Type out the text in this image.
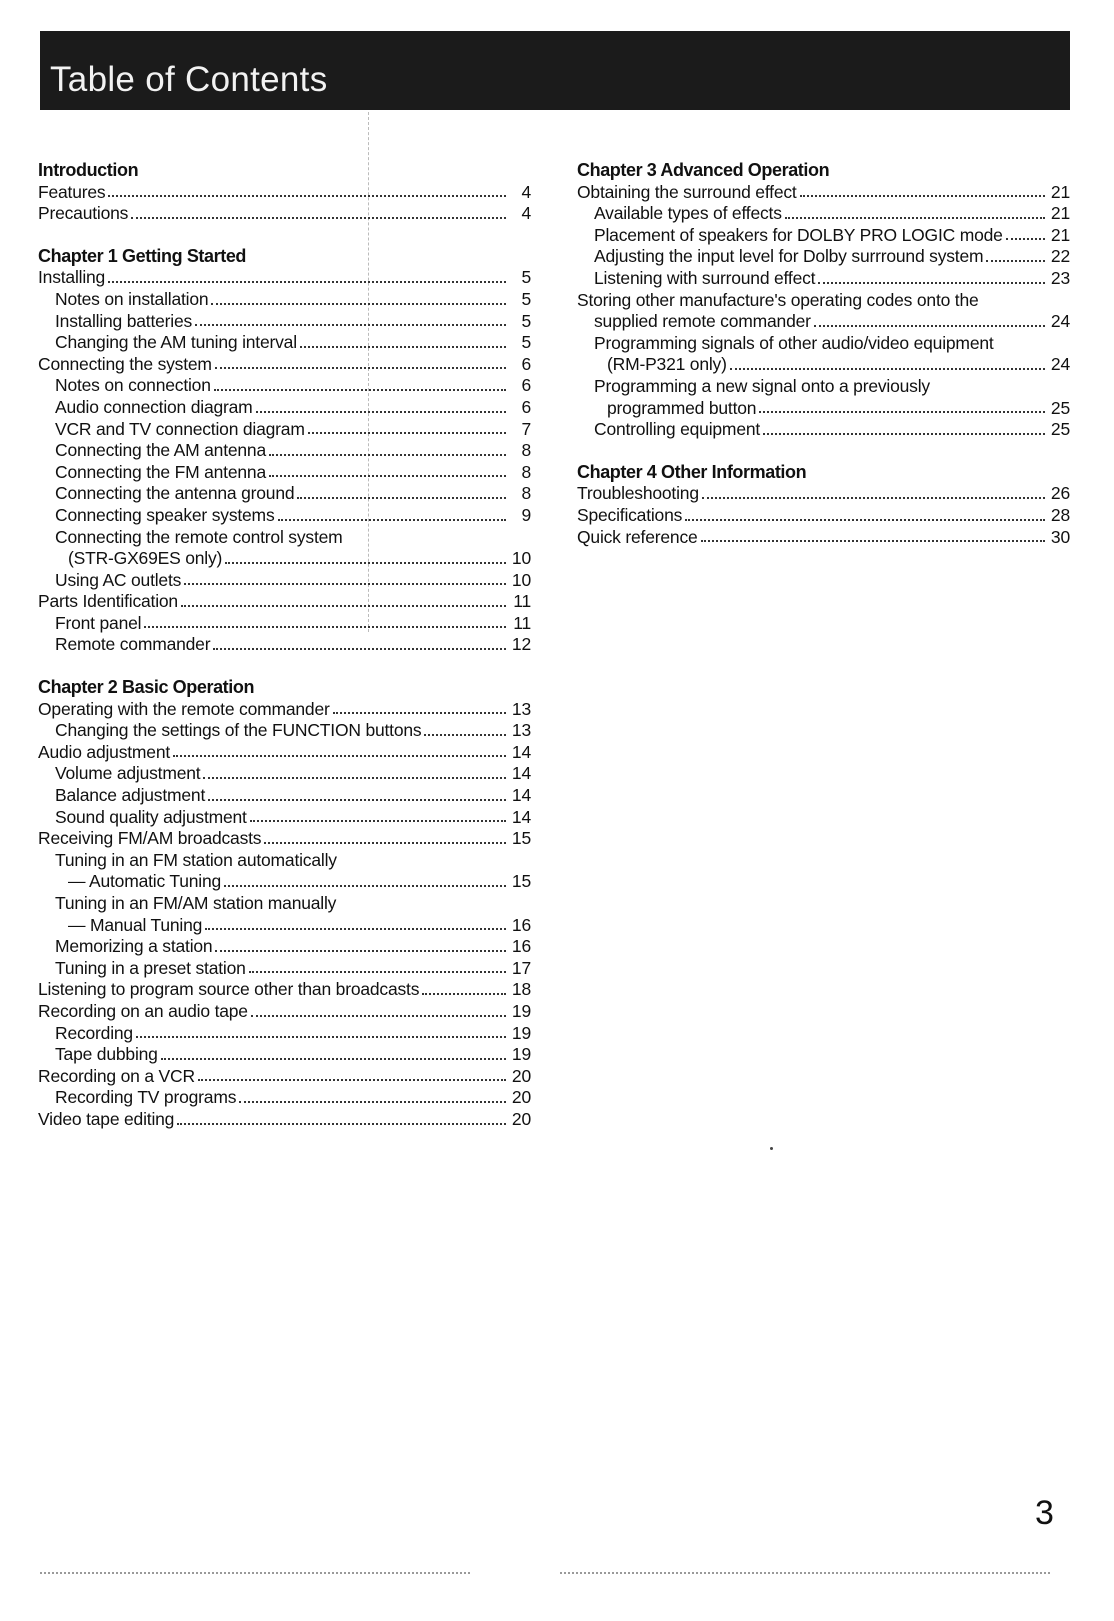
Table of Contents
Introduction
Features	4
Precautions	4
Chapter 1 Getting Started
Installing	5
Notes on installation	5
Installing batteries	5
Changing the AM tuning interval	5
Connecting the system	6
Notes on connection	6
Audio connection diagram	6
VCR and TV connection diagram	7
Connecting the AM antenna	8
Connecting the FM antenna	8
Connecting the antenna ground	8
Connecting speaker systems	9
Connecting the remote control system
(STR-GX69ES only)	10
Using AC outlets	10
Parts Identification	11
Front panel	11
Remote commander	12
Chapter 2 Basic Operation
Operating with the remote commander	13
Changing the settings of the FUNCTION buttons	13
Audio adjustment	14
Volume adjustment	14
Balance adjustment	14
Sound quality adjustment	14
Receiving FM/AM broadcasts	15
Tuning in an FM station automatically
— Automatic Tuning	15
Tuning in an FM/AM station manually
— Manual Tuning	16
Memorizing a station	16
Tuning in a preset station	17
Listening to program source other than broadcasts	18
Recording on an audio tape	19
Recording	19
Tape dubbing	19
Recording on a VCR	20
Recording TV programs	20
Video tape editing	20
Chapter 3 Advanced Operation
Obtaining the surround effect	21
Available types of effects	21
Placement of speakers for DOLBY PRO LOGIC mode	21
Adjusting the input level for Dolby surrround system	22
Listening with surround effect	23
Storing other manufacture's operating codes onto the
supplied remote commander	24
Programming signals of other audio/video equipment
(RM-P321 only)	24
Programming a new signal onto a previously
programmed button	25
Controlling equipment	25
Chapter 4 Other Information
Troubleshooting	26
Specifications	28
Quick reference	30
3
